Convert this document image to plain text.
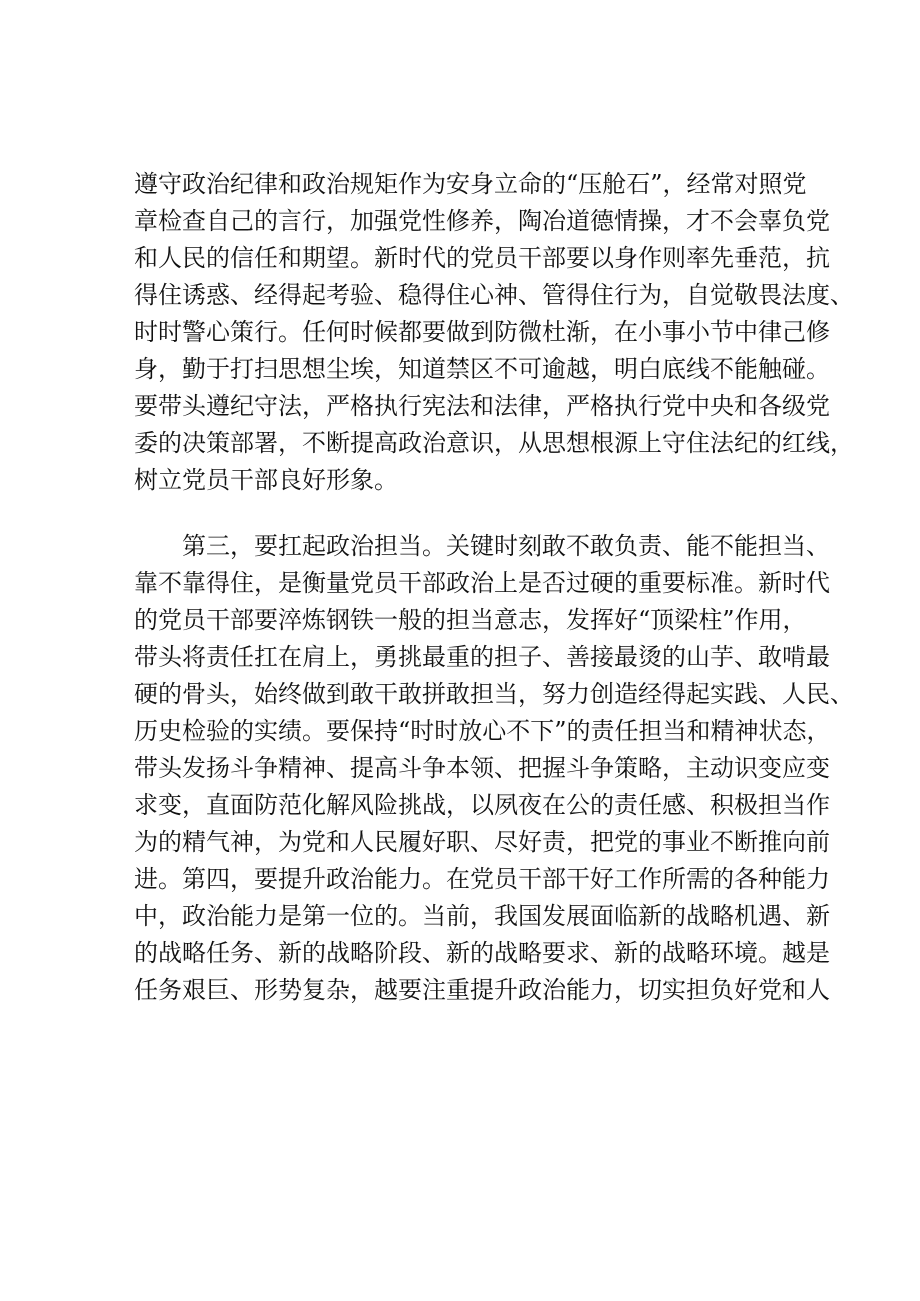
遵守政治纪律和政治规矩作为安身立命的“压舱石”，经常对照党
章检查自己的言行，加强党性修养，陶冶道德情操，才不会辜负党
和人民的信任和期望。新时代的党员干部要以身作则率先垂范，抗
得住诱惑、经得起考验、稳得住心神、管得住行为，自觉敬畏法度、
时时警心策行。任何时候都要做到防微杜渐，在小事小节中律己修
身，勤于打扫思想尘埃，知道禁区不可逾越，明白底线不能触碰。
要带头遵纪守法，严格执行宪法和法律，严格执行党中央和各级党
委的决策部署，不断提高政治意识，从思想根源上守住法纪的红线，
树立党员干部良好形象。
第三，要扛起政治担当。关键时刻敢不敢负责、能不能担当、
靠不靠得住，是衡量党员干部政治上是否过硬的重要标准。新时代
的党员干部要淬炼钢铁一般的担当意志，发挥好“顶梁柱”作用，
带头将责任扛在肩上，勇挑最重的担子、善接最烫的山芋、敢啃最
硬的骨头，始终做到敢干敢拼敢担当，努力创造经得起实践、人民、
历史检验的实绩。要保持“时时放心不下”的责任担当和精神状态，
带头发扬斗争精神、提高斗争本领、把握斗争策略，主动识变应变
求变，直面防范化解风险挑战，以夙夜在公的责任感、积极担当作
为的精气神，为党和人民履好职、尽好责，把党的事业不断推向前
进。第四，要提升政治能力。在党员干部干好工作所需的各种能力
中，政治能力是第一位的。当前，我国发展面临新的战略机遇、新
的战略任务、新的战略阶段、新的战略要求、新的战略环境。越是
任务艰巨、形势复杂，越要注重提升政治能力，切实担负好党和人
